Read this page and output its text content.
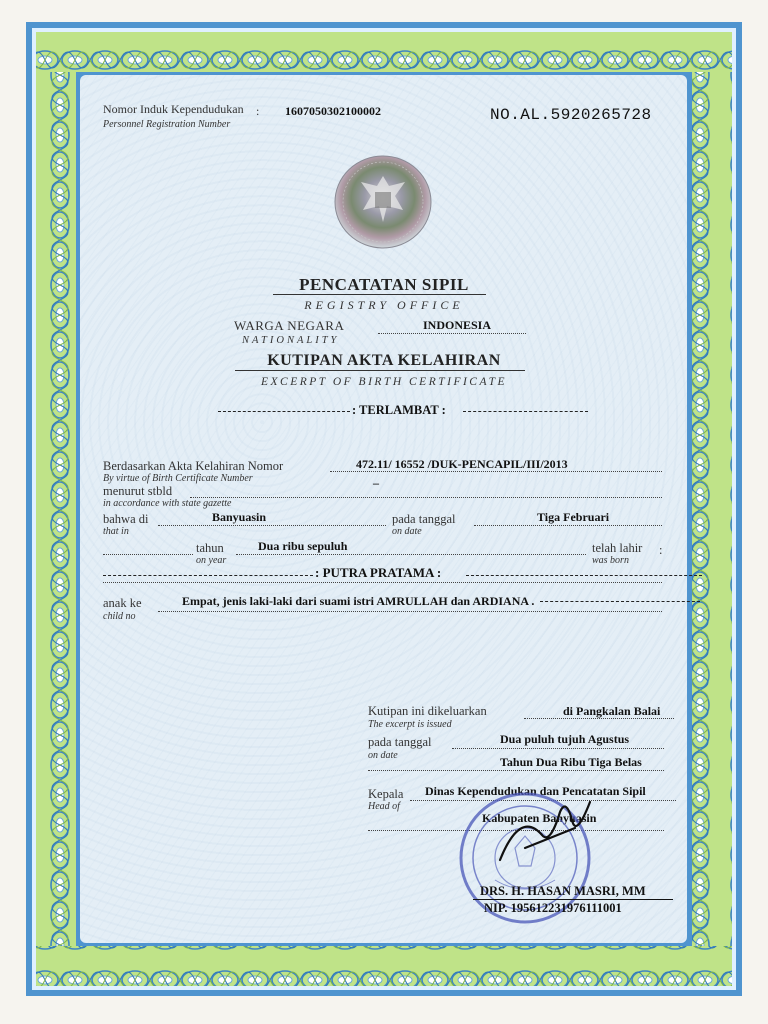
Nomor Induk Kependudukan :
Personnel Registration Number
1607050302100002	NO.AL.5920265728
PENCATATAN SIPIL
REGISTRY OFFICE
WARGA NEGARA
NATIONALITY
INDONESIA
KUTIPAN AKTA KELAHIRAN
EXCERPT OF BIRTH CERTIFICATE
: TERLAMBAT :
Berdasarkan Akta Kelahiran Nomor
By virtue of Birth Certificate Number
472.11/ 16552 /DUK-PENCAPIL/III/2013
menurut stbld
in accordance with state gazette
–
bahwa di
that in
Banyuasin	pada tanggal
on date
Tiga Februari
tahun
on year
Dua ribu sepuluh	telah lahir :
was born
: PUTRA PRATAMA :
anak ke
child no
Empat, jenis laki-laki dari suami istri AMRULLAH dan ARDIANA .
Kutipan ini dikeluarkan
The excerpt is issued
di Pangkalan Balai
pada tanggal
on date
Dua puluh tujuh Agustus
Tahun Dua Ribu Tiga Belas
Kepala
Head of
Dinas Kependudukan dan Pencatatan Sipil
Kabupaten Banyuasin
DRS. H. HASAN MASRI, MM
NIP. 195612231976111001
